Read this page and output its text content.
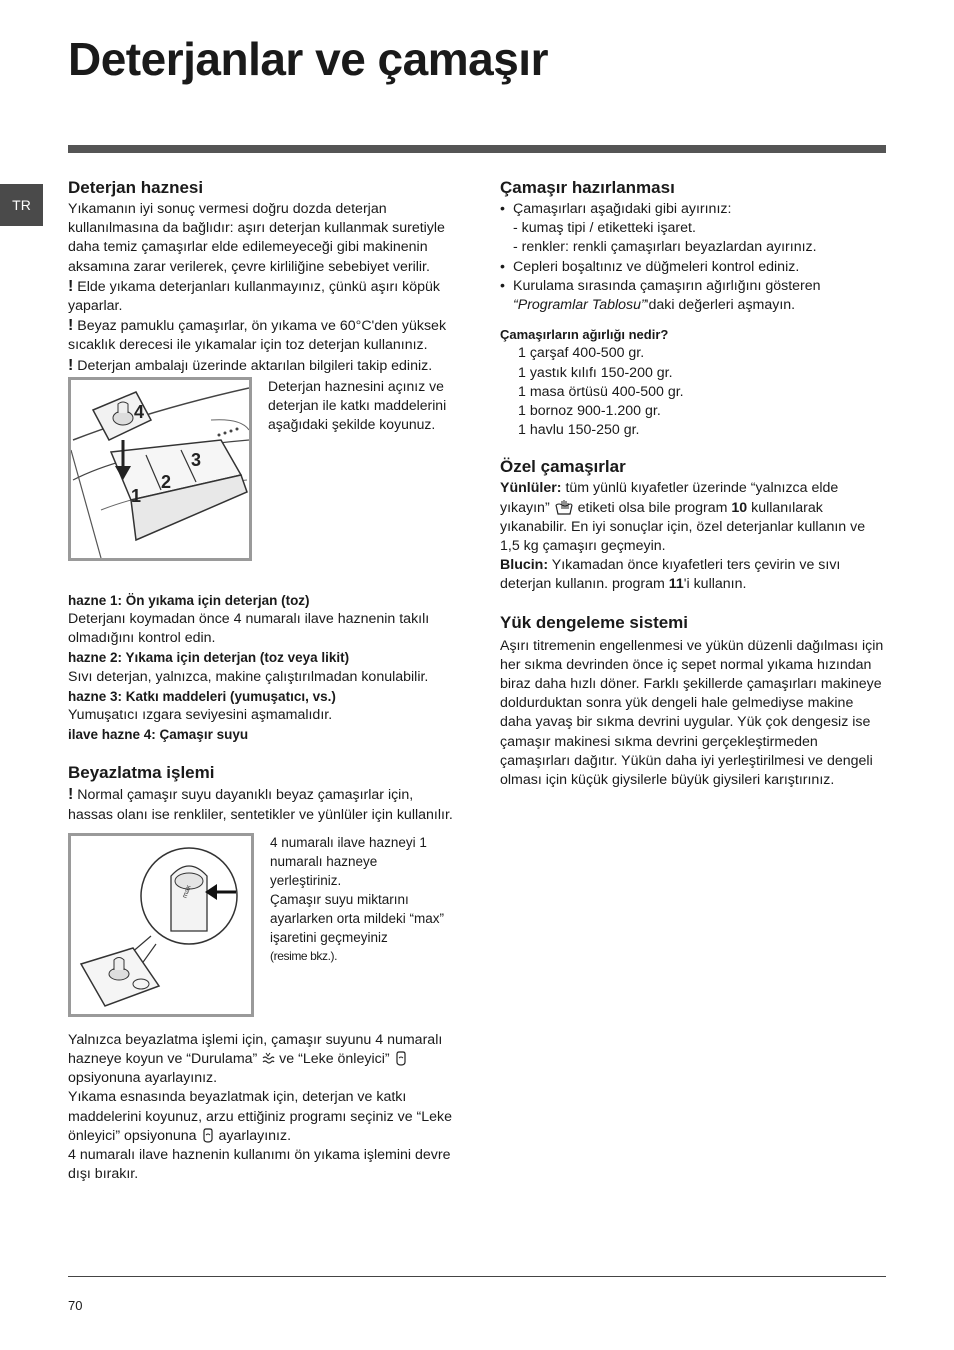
Deterjanlar ve çamaşır
TR
Deterjan haznesi

Yıkamanın iyi sonuç vermesi doğru dozda deterjan kullanılmasına da bağlıdır: aşırı deterjan kullanmak suretiyle daha temiz çamaşırlar elde edilemeyeceği gibi makinenin aksamına zarar verilerek, çevre kirliliğine sebebiyet verilir.

! Elde yıkama deterjanları kullanmayınız, çünkü aşırı köpük yaparlar.

! Beyaz pamuklu çamaşırlar, ön yıkama ve 60°C'den yüksek sıcaklık derecesi ile yıkamalar için toz deterjan kullanınız.

! Deterjan ambalajı üzerinde aktarılan bilgileri takip ediniz.

4
1
2
3

Deterjan haznesini açınız ve deterjan ile katkı maddelerini aşağıdaki şekilde koyunuz.

hazne 1: Ön yıkama için deterjan (toz)

Deterjanı koymadan önce 4 numaralı ilave haznenin takılı olmadığını kontrol edin.

hazne 2: Yıkama için deterjan (toz veya likit)

Sıvı deterjan, yalnızca, makine çalıştırılmadan konulabilir.

hazne 3: Katkı maddeleri (yumuşatıcı, vs.)

Yumuşatıcı ızgara seviyesini aşmamalıdır.

ilave hazne 4: Çamaşır suyu

Beyazlatma işlemi

! Normal çamaşır suyu dayanıklı beyaz çamaşırlar için, hassas olanı ise renkliler, sentetikler ve yünlüler için kullanılır.

max

4 numaralı ilave hazneyi 1 numaralı hazneye yerleştiriniz.

Çamaşır suyu miktarını ayarlarken orta mildeki “max” işaretini geçmeyiniz

(resime bkz.).

Yalnızca beyazlatma işlemi için, çamaşır suyunu 4 numaralı hazneye koyun ve “Durulama” ve “Leke önleyici”  opsiyonuna ayarlayınız.

Yıkama esnasında beyazlatmak için, deterjan ve katkı maddelerini koyunuz, arzu ettiğiniz programı seçiniz ve “Leke önleyici” opsiyonuna ayarlayınız.

4 numaralı ilave haznenin kullanımı ön yıkama işlemini devre dışı bırakır.

Çamaşır hazırlanması
• Çamaşırları aşağıdaki gibi ayırınız:
- kumaş tipi / etiketteki işaret.
- renkler: renkli çamaşırları beyazlardan ayırınız.
• Cepleri boşaltınız ve düğmeleri kontrol ediniz.
• Kurulama sırasında çamaşırın ağırlığını gösteren “Programlar Tablosu”'daki değerleri aşmayın.

Çamaşırların ağırlığı nedir?

1 çarşaf 400-500 gr.

1 yastık kılıfı 150-200 gr.

1 masa örtüsü 400-500 gr.

1 bornoz 900-1.200 gr.

1 havlu 150-250 gr.

Özel çamaşırlar

Yünlüler: tüm yünlü kıyafetler üzerinde “yalnızca elde yıkayın” etiketi olsa bile program 10 kullanılarak yıkanabilir. En iyi sonuçlar için, özel deterjanlar kullanın ve 1,5 kg çamaşırı geçmeyin.

Blucin: Yıkamadan önce kıyafetleri ters çevirin ve sıvı deterjan kullanın. program 11'i kullanın.

Yük dengeleme sistemi

Aşırı titremenin engellenmesi ve yükün düzenli dağılması için her sıkma devrinden önce iç sepet normal yıkama hızından biraz daha hızlı döner. Farklı şekillerde çamaşırları makineye doldurduktan sonra yük dengeli hale gelmediyse makine daha yavaş bir sıkma devrini uygular. Yük çok dengesiz ise çamaşır makinesi sıkma devrini gerçekleştirmeden çamaşırları dağıtır. Yükün daha iyi yerleştirilmesi ve dengeli olması için küçük giysilerle büyük giysileri karıştırınız.

70
